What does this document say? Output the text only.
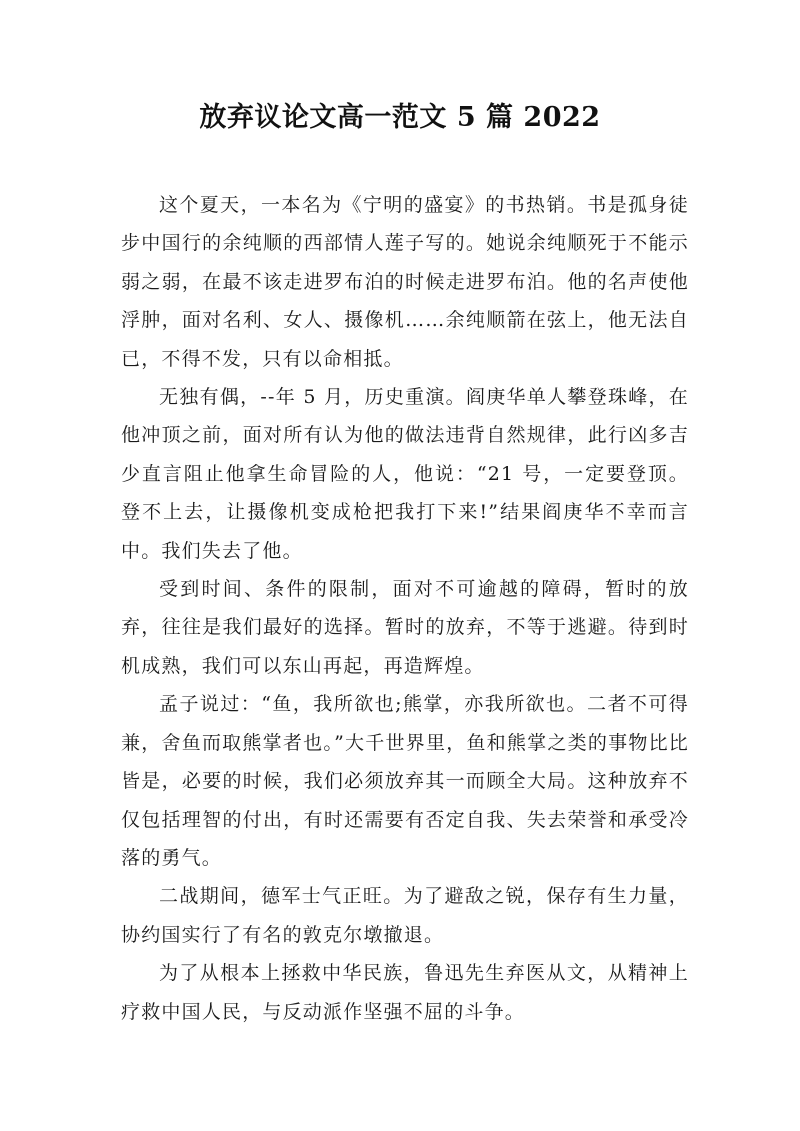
放弃议论文高一范文 5 篇 2022

这个夏天，一本名为《宁明的盛宴》的书热销。书是孤身徒步中国行的余纯顺的西部情人莲子写的。她说余纯顺死于不能示弱之弱，在最不该走进罗布泊的时候走进罗布泊。他的名声使他浮肿，面对名利、女人、摄像机……余纯顺箭在弦上，他无法自已，不得不发，只有以命相抵。

无独有偶，--年 5 月，历史重演。阎庚华单人攀登珠峰，在他冲顶之前，面对所有认为他的做法违背自然规律，此行凶多吉少直言阻止他拿生命冒险的人，他说：“21 号，一定要登顶。登不上去，让摄像机变成枪把我打下来!”结果阎庚华不幸而言中。我们失去了他。

受到时间、条件的限制，面对不可逾越的障碍，暂时的放弃，往往是我们最好的选择。暂时的放弃，不等于逃避。待到时机成熟，我们可以东山再起，再造辉煌。

孟子说过：“鱼，我所欲也;熊掌，亦我所欲也。二者不可得兼，舍鱼而取熊掌者也。”大千世界里，鱼和熊掌之类的事物比比皆是，必要的时候，我们必须放弃其一而顾全大局。这种放弃不仅包括理智的付出，有时还需要有否定自我、失去荣誉和承受冷落的勇气。

二战期间，德军士气正旺。为了避敌之锐，保存有生力量，协约国实行了有名的敦克尔墩撤退。

为了从根本上拯救中华民族，鲁迅先生弃医从文，从精神上疗救中国人民，与反动派作坚强不屈的斗争。
